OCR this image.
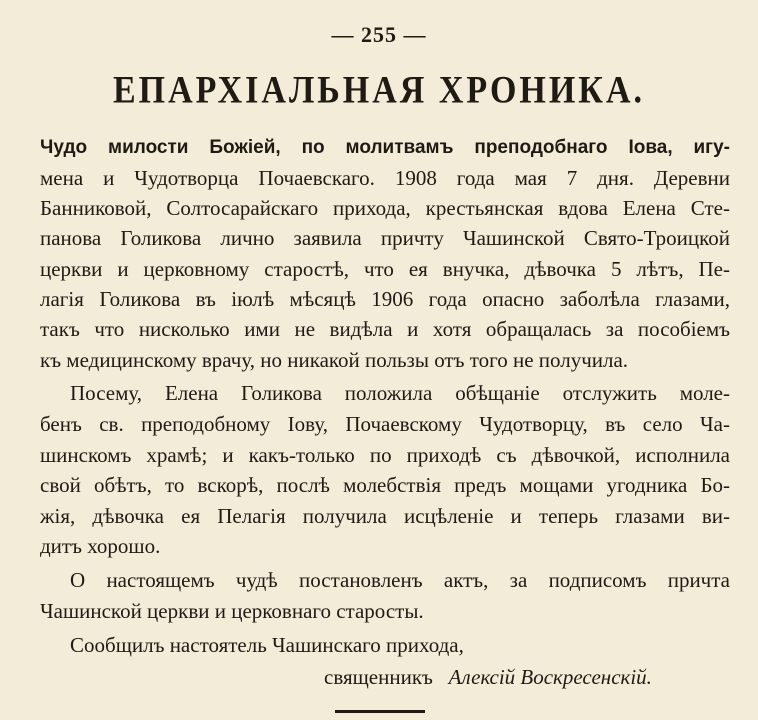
— 255 —
ЕПАРХІАЛЬНАЯ ХРОНИКА.
Чудо милости Божіей, по молитвамъ преподобнаго Іова, игу-
мена и Чудотворца Почаевскаго. 1908 года мая 7 дня. Деревни
Банниковой, Солтосарайскаго прихода, крестьянская вдова Елена Сте-
панова Голикова лично заявила причту Чашинской Свято-Троицкой
церкви и церковному старостѣ, что ея внучка, дѣвочка 5 лѣтъ, Пе-
лагія Голикова въ іюлѣ мѣсяцѣ 1906 года опасно заболѣла глазами,
такъ что нисколько ими не видѣла и хотя обращалась за пособіемъ
къ медицинскому врачу, но никакой пользы отъ того не получила.
Посему, Елена Голикова положила обѣщаніе отслужить моле-
бенъ св. преподобному Іову, Почаевскому Чудотворцу, въ село Ча-
шинскомъ храмѣ; и какъ-только по приходѣ съ дѣвочкой, исполнила
свой обѣтъ, то вскорѣ, послѣ молебствія предъ мощами угодника Бо-
жія, дѣвочка ея Пелагія получила исцѣленіе и теперь глазами ви-
дитъ хорошо.
О настоящемъ чудѣ постановленъ актъ, за подписомъ причта
Чашинской церкви и церковнаго старосты.
Сообщилъ настоятель Чашинскаго прихода,
священникъ Алексій Воскресенскій.
